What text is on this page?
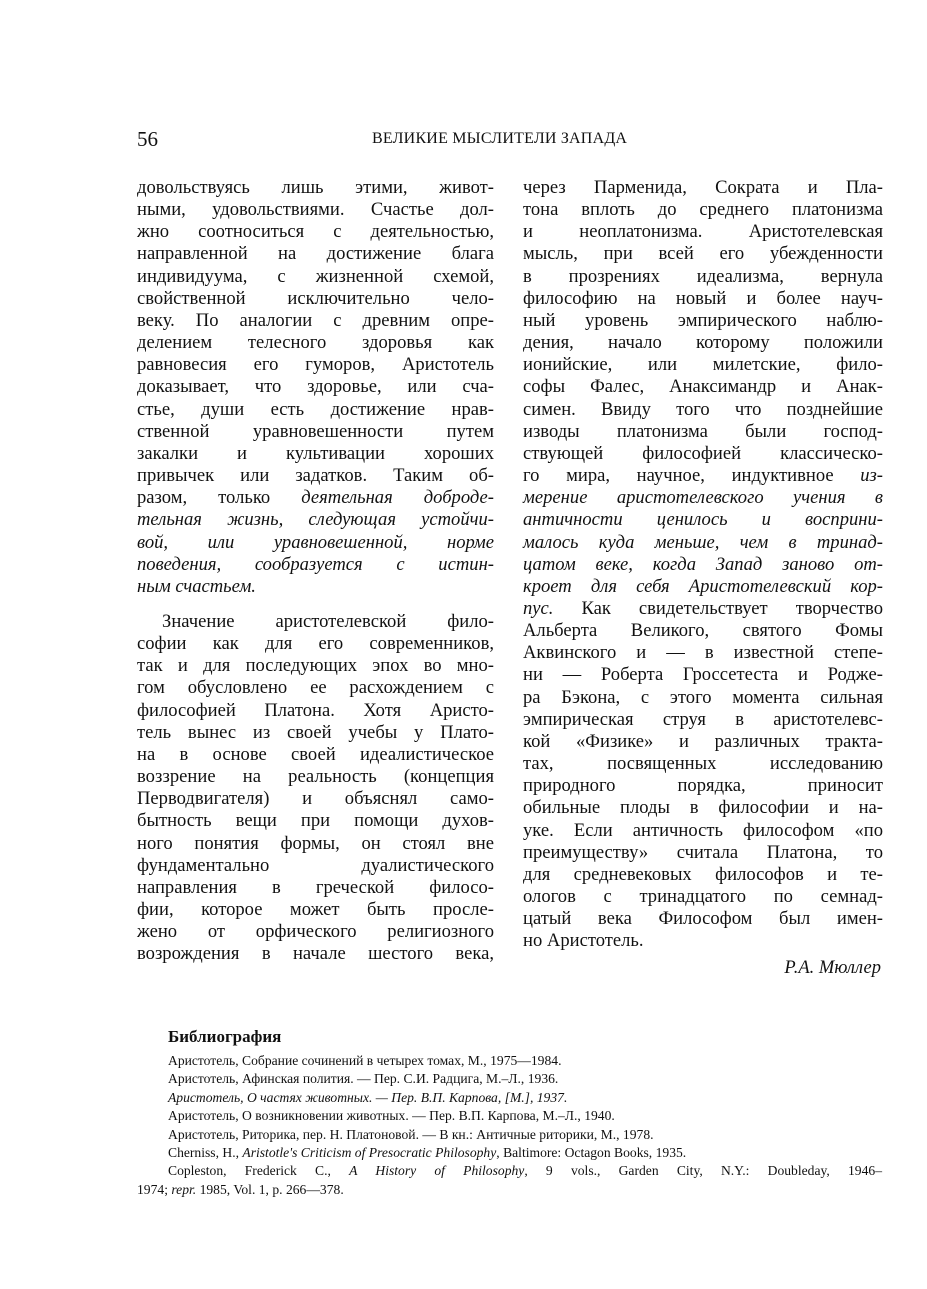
56	ВЕЛИКИЕ МЫСЛИТЕЛИ ЗАПАДА
довольствуясь лишь этими, живот-
ными, удовольствиями. Счастье дол-
жно соотноситься с деятельностью,
направленной на достижение блага
индивидуума, с жизненной схемой,
свойственной исключительно чело-
веку. По аналогии с древним опре-
делением телесного здоровья как
равновесия его гуморов, Аристотель
доказывает, что здоровье, или сча-
стье, души есть достижение нрав-
ственной уравновешенности путем
закалки и культивации хороших
привычек или задатков. Таким об-
разом, только деятельная доброде-
тельная жизнь, следующая устойчи-
вой, или уравновешенной, норме
поведения, сообразуется с истин-
ным счастьем.
Значение аристотелевской фило-
софии как для его современников,
так и для последующих эпох во мно-
гом обусловлено ее расхождением с
философией Платона. Хотя Аристо-
тель вынес из своей учебы у Плато-
на в основе своей идеалистическое
воззрение на реальность (концепция
Перводвигателя) и объяснял само-
бытность вещи при помощи духов-
ного понятия формы, он стоял вне
фундаментально дуалистического
направления в греческой филосо-
фии, которое может быть просле-
жено от орфического религиозного
возрождения в начале шестого века,
через Парменида, Сократа и Пла-
тона вплоть до среднего платонизма
и неоплатонизма. Аристотелевская
мысль, при всей его убежденности
в прозрениях идеализма, вернула
философию на новый и более науч-
ный уровень эмпирического наблю-
дения, начало которому положили
ионийские, или милетские, фило-
софы Фалес, Анаксимандр и Анак-
симен. Ввиду того что позднейшие
изводы платонизма были господ-
ствующей философией классическо-
го мира, научное, индуктивное из-
мерение аристотелевского учения в
античности ценилось и восприни-
малось куда меньше, чем в тринад-
цатом веке, когда Запад заново от-
кроет для себя Аристотелевский кор-
пус. Как свидетельствует творчество
Альберта Великого, святого Фомы
Аквинского и — в известной степе-
ни — Роберта Гроссетеста и Роджe-
ра Бэкона, с этого момента сильная
эмпирическая струя в аристотелевс-
кой «Физике» и различных тракта-
тах, посвященных исследованию
природного порядка, приносит
обильные плоды в философии и на-
уке. Если античность философом «по
преимуществу» считала Платона, то
для средневековых философов и те-
ологов с тринадцатого по семнад-
цатый века Философом был имен-
но Аристотель.
Р.А. Мюллер
Библиография
Аристотель, Собрание сочинений в четырех томах, М., 1975—1984.
Аристотель, Афинская полития. — Пер. С.И. Радцига, М.–Л., 1936.
Аристотель, О частях животных. — Пер. В.П. Карпова, [М.], 1937.
Аристотель, О возникновении животных. — Пер. В.П. Карпова, М.–Л., 1940.
Аристотель, Риторика, пер. Н. Платоновой. — В кн.: Античные риторики, М., 1978.
Cherniss, H., Aristotle's Criticism of Presocratic Philosophy, Baltimore: Octagon Books, 1935.
Copleston, Frederick C., A History of Philosophy, 9 vols., Garden City, N.Y.: Doubleday, 1946–
1974; repr. 1985, Vol. 1, p. 266—378.
